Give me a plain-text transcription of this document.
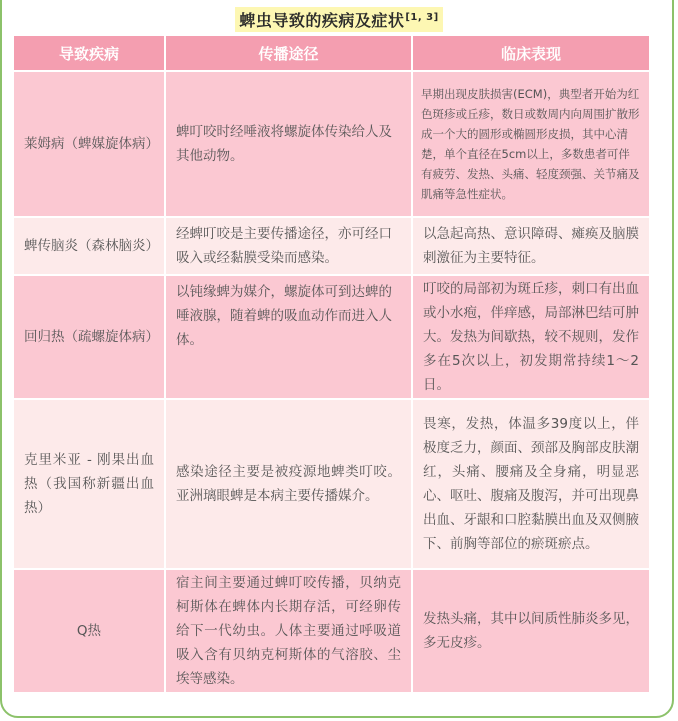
蜱虫导致的疾病及症状[1, 3]
导致疾病	传播途径	临床表现
莱姆病（蜱媒旋体病）	蜱叮咬时经唾液将螺旋体传染给人及其他动物。	早期出现皮肤损害(ECM)，典型者开始为红色斑疹或丘疹，数日或数周内向周围扩散形成一个大的圆形或椭圆形皮损，其中心清楚，单个直径在5cm以上，多数患者可伴有疲劳、发热、头痛、轻度颈强、关节痛及肌痛等急性症状。
蜱传脑炎（森林脑炎）	经蜱叮咬是主要传播途径，亦可经口吸入或经黏膜受染而感染。	以急起高热、意识障碍、瘫痪及脑膜刺激征为主要特征。
回归热（疏螺旋体病）	以钝缘蜱为媒介，螺旋体可到达蜱的唾液腺，随着蜱的吸血动作而进入人体。	叮咬的局部初为斑丘疹，刺口有出血或小水疱，伴痒感，局部淋巴结可肿大。发热为间歇热，较不规则，发作多在5次以上，初发期常持续1～2日。
克里米亚 - 刚果出血热（我国称新疆出血热）	感染途径主要是被疫源地蜱类叮咬。亚洲璃眼蜱是本病主要传播媒介。	畏寒，发热，体温多39度以上，伴极度乏力，颜面、颈部及胸部皮肤潮红，头痛、腰痛及全身痛，明显恶心、呕吐、腹痛及腹泻，并可出现鼻出血、牙龈和口腔黏膜出血及双侧腋下、前胸等部位的瘀斑瘀点。
Q热	宿主间主要通过蜱叮咬传播，贝纳克柯斯体在蜱体内长期存活，可经卵传给下一代幼虫。人体主要通过呼吸道吸入含有贝纳克柯斯体的气溶胶、尘埃等感染。	发热头痛，其中以间质性肺炎多见，多无皮疹。
